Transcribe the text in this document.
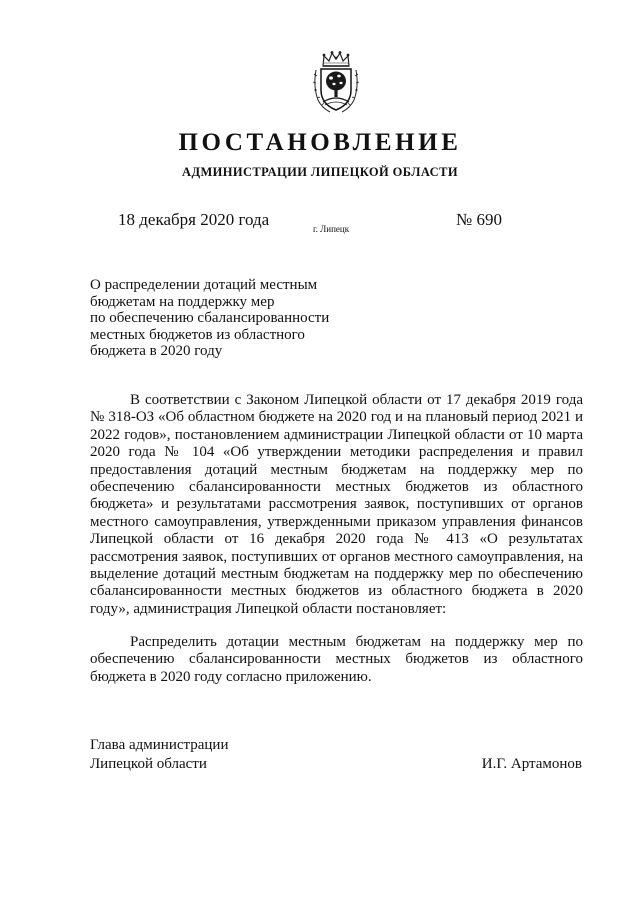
ПОСТАНОВЛЕНИЕ
АДМИНИСТРАЦИИ ЛИПЕЦКОЙ ОБЛАСТИ
18 декабря 2020 года	г. Липецк	№ 690
О распределении дотаций местным
бюджетам на поддержку мер
по обеспечению сбалансированности
местных бюджетов из областного
бюджета в 2020 году
В соответствии с Законом Липецкой области от 17 декабря 2019 года № 318-ОЗ «Об областном бюджете на 2020 год и на плановый период 2021 и 2022 годов», постановлением администрации Липецкой области от 10 марта 2020 года № 104 «Об утверждении методики распределения и правил предоставления дотаций местным бюджетам на поддержку мер по обеспечению сбалансированности местных бюджетов из областного бюджета» и результатами рассмотрения заявок, поступивших от органов местного самоуправления, утвержденными приказом управления финансов Липецкой области от 16 декабря 2020 года № 413 «О результатах рассмотрения заявок, поступивших от органов местного самоуправления, на выделение дотаций местным бюджетам на поддержку мер по обеспечению сбалансированности местных бюджетов из областного бюджета в 2020 году», администрация Липецкой области постановляет:
Распределить дотации местным бюджетам на поддержку мер по обеспечению сбалансированности местных бюджетов из областного бюджета в 2020 году согласно приложению.
Глава администрации
Липецкой области	И.Г. Артамонов
